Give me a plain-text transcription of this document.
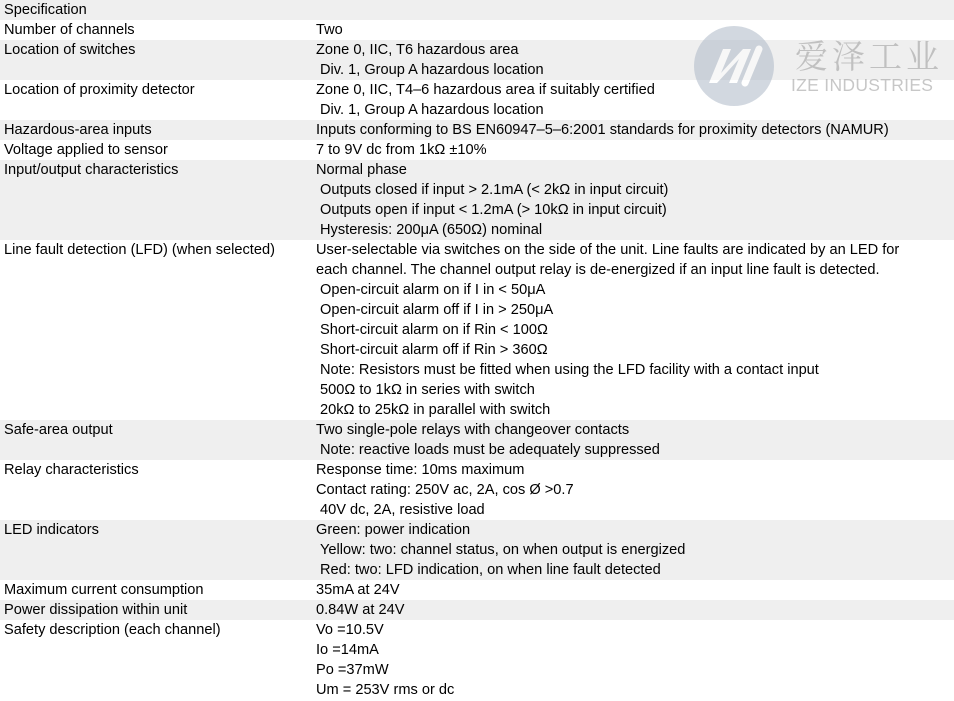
Specification
Number of channels	Two
Location of switches	Zone 0, IIC, T6 hazardous area
Div. 1, Group A hazardous location
Location of proximity detector	Zone 0, IIC, T4–6 hazardous area if suitably certified
Div. 1, Group A hazardous location
Hazardous-area inputs	Inputs conforming to BS EN60947–5–6:2001 standards for proximity detectors (NAMUR)
Voltage applied to sensor	7 to 9V dc from 1kΩ ±10%
Input/output characteristics	Normal phase
Outputs closed if input > 2.1mA (< 2kΩ in input circuit)
Outputs open if input < 1.2mA (> 10kΩ in input circuit)
Hysteresis: 200μA (650Ω) nominal
Line fault detection (LFD) (when selected)	User-selectable via switches on the side of the unit. Line faults are indicated by an LED for
each channel. The channel output relay is de-energized if an input line fault is detected.
Open-circuit alarm on if I in < 50μA
Open-circuit alarm off if I in > 250μA
Short-circuit alarm on if Rin < 100Ω
Short-circuit alarm off if Rin > 360Ω
Note: Resistors must be fitted when using the LFD facility with a contact input
500Ω to 1kΩ in series with switch
20kΩ to 25kΩ in parallel with switch
Safe-area output	Two single-pole relays with changeover contacts
Note: reactive loads must be adequately suppressed
Relay characteristics	Response time: 10ms maximum
Contact rating: 250V ac, 2A, cos Ø >0.7
40V dc, 2A, resistive load
LED indicators	Green: power indication
Yellow: two: channel status, on when output is energized
Red: two: LFD indication, on when line fault detected
Maximum current consumption	35mA at 24V
Power dissipation within unit	0.84W at 24V
Safety description (each channel)	Vo =10.5V
Io =14mA
Po =37mW
Um = 253V rms or dc
爱泽工业
IZE INDUSTRIES
